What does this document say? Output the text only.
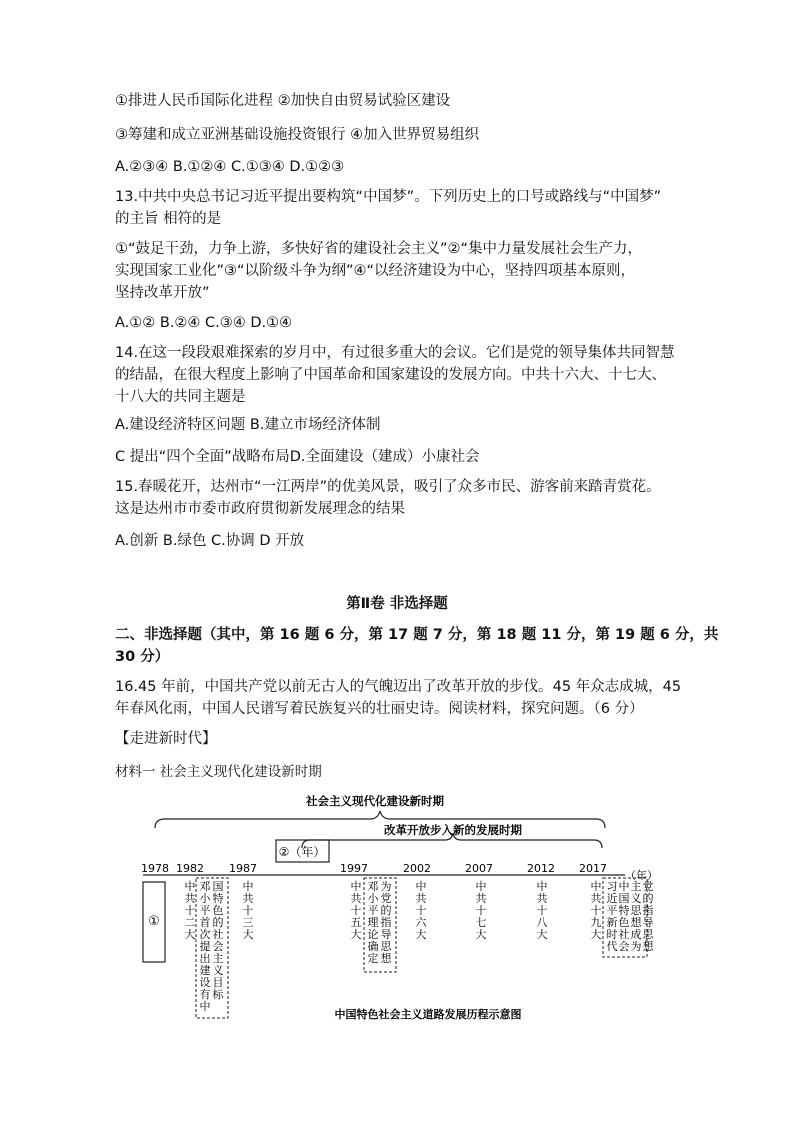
①排进人民币国际化进程 ②加快自由贸易试验区建设
③筹建和成立亚洲基础设施投资银行 ④加入世界贸易组织
A.②③④ B.①②④ C.①③④ D.①②③
13.中共中央总书记习近平提出要构筑“中国梦”。下列历史上的口号或路线与“中国梦”
的主旨 相符的是
①“鼓足干劲，力争上游，多快好省的建设社会主义”②“集中力量发展社会生产力，
实现国家工业化”③“以阶级斗争为纲”④“以经济建设为中心，坚持四项基本原则，
坚持改革开放”
A.①② B.②④ C.③④ D.①④
14.在这一段段艰难探索的岁月中，有过很多重大的会议。它们是党的领导集体共同智慧
的结晶，在很大程度上影响了中国革命和国家建设的发展方向。中共十六大、十七大、
十八大的共同主题是
A.建设经济特区问题 B.建立市场经济体制
C 提出“四个全面”战略布局D.全面建设（建成）小康社会
15.春暖花开，达州市“一江两岸”的优美风景，吸引了众多市民、游客前来踏青赏花。
这是达州市市委市政府贯彻新发展理念的结果
A.创新 B.绿色 C.协调 D 开放
第Ⅱ卷 非选择题
二、非选择题（其中，第 16 题 6 分，第 17 题 7 分，第 18 题 11 分，第 19 题 6 分，共
30 分）
16.45 年前，中国共产党以前无古人的气魄迈出了改革开放的步伐。45 年众志成城，45
年春风化雨，中国人民谱写着民族复兴的壮丽史诗。阅读材料，探究问题。（6 分）
【走进新时代】
材料一 社会主义现代化建设新时期
社会主义现代化建设新时期
改革开放步入新的发展时期
（年）
1978 1982 1987	1997	2002	2007	2012 2017
①
②（年）
中共十二大
中共十三大
中共十五大
中共十六大
中共十七大
中共十八大
中共十九大
邓小平首次提出建设有中国特色的社会主义目标
邓小平理论确定为党的指导思想
习近平新时代中国特色社会主义思想成为党的指导思想
中国特色社会主义道路发展历程示意图
